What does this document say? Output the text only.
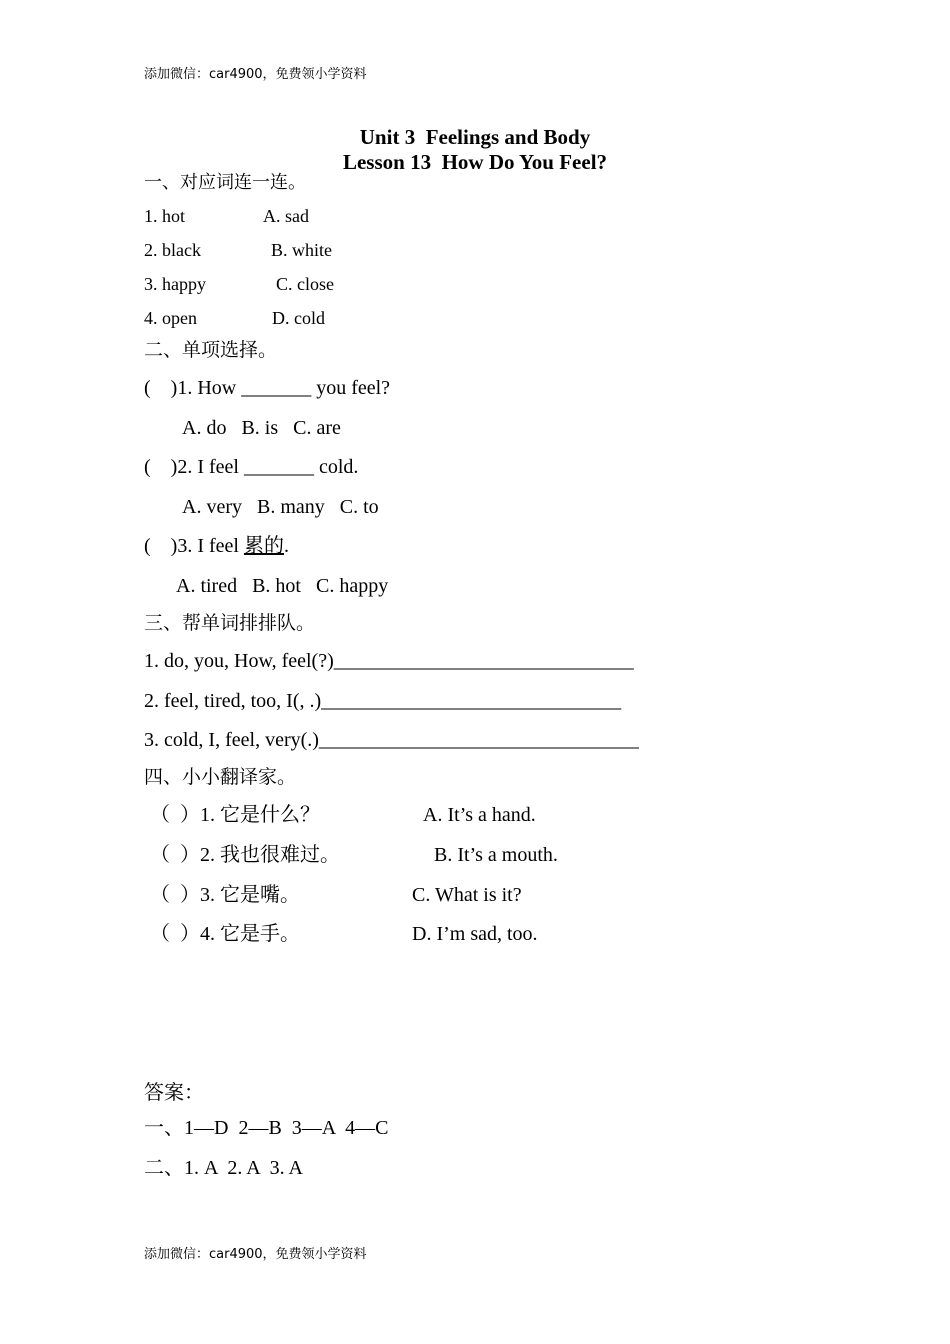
添加微信：car4900，免费领小学资料
Unit 3  Feelings and Body
Lesson 13  How Do You Feel?
一、对应词连一连。
1. hot	A. sad
2. black	B. white
3. happy	C. close
4. open	D. cold
二、单项选择。
(    )1. How _______ you feel?
A. do   B. is   C. are
(    )2. I feel _______ cold.
A. very   B. many   C. to
(    )3. I feel 累的.
A. tired   B. hot   C. happy
三、帮单词排排队。
1. do, you, How, feel(?)______________________________
2. feel, tired, too, I(, .)______________________________
3. cold, I, feel, very(.)________________________________
四、小小翻译家。
（  ）1. 它是什么？	A. It’s a hand.
（  ）2. 我也很难过。	B. It’s a mouth.
（  ）3. 它是嘴。	C. What is it?
（  ）4. 它是手。	D. I’m sad, too.
答案：
一、1—D  2—B  3—A  4—C
二、1. A  2. A  3. A
添加微信：car4900，免费领小学资料
